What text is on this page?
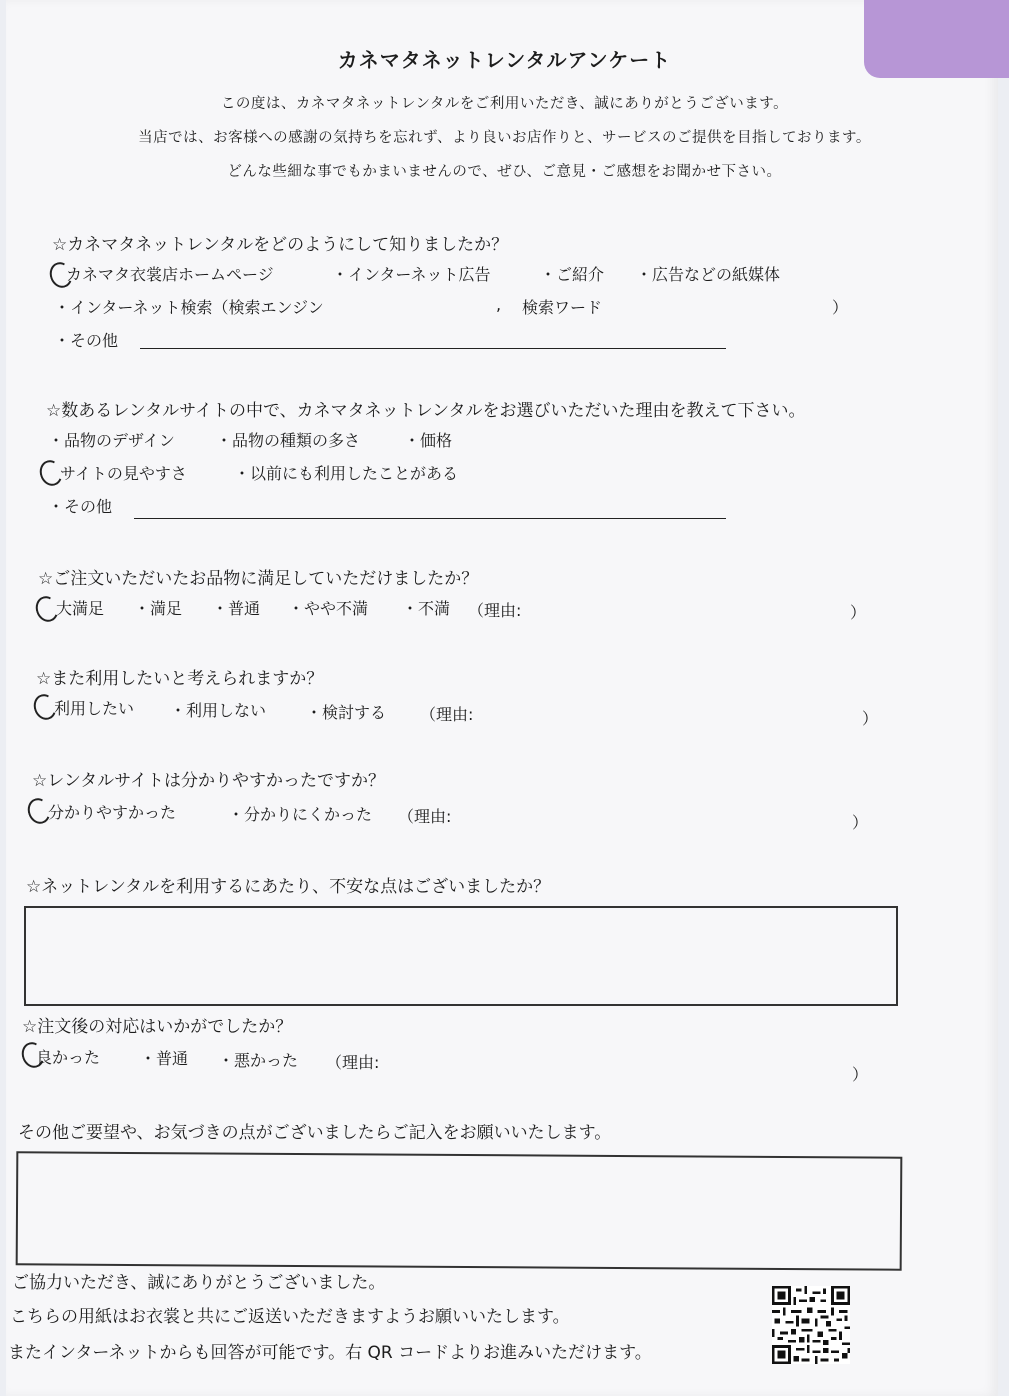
カネマタネットレンタルアンケート
この度は、カネマタネットレンタルをご利用いただき、誠にありがとうございます。
当店では、お客様への感謝の気持ちを忘れず、より良いお店作りと、サービスのご提供を目指しております。
どんな些細な事でもかまいませんので、ぜひ、ご意見・ご感想をお聞かせ下さい。
☆カネマタネットレンタルをどのようにして知りましたか？
カネマタ衣裳店ホームページ	・インターネット広告	・ご紹介 ・広告などの紙媒体
・インターネット検索（検索エンジン	, 検索ワード	）
・その他
☆数あるレンタルサイトの中で、カネマタネットレンタルをお選びいただいた理由を教えて下さい。
・品物のデザイン	・品物の種類の多さ	・価格
サイトの見やすさ	・以前にも利用したことがある
・その他
☆ご注文いただいたお品物に満足していただけましたか？
大満足 ・満足 ・普通 ・やや不満 ・不満 （理由:	）
☆また利用したいと考えられますか？
利用したい ・利用しない ・検討する （理由:	）
☆レンタルサイトは分かりやすかったですか？
分かりやすかった	・分かりにくかった （理由:	）
☆ネットレンタルを利用するにあたり、不安な点はございましたか？
☆注文後の対応はいかがでしたか？
良かった ・普通 ・悪かった （理由:
）
その他ご要望や、お気づきの点がございましたらご記入をお願いいたします。
ご協力いただき、誠にありがとうございました。
こちらの用紙はお衣裳と共にご返送いただきますようお願いいたします。
またインターネットからも回答が可能です。右 QR コードよりお進みいただけます。
